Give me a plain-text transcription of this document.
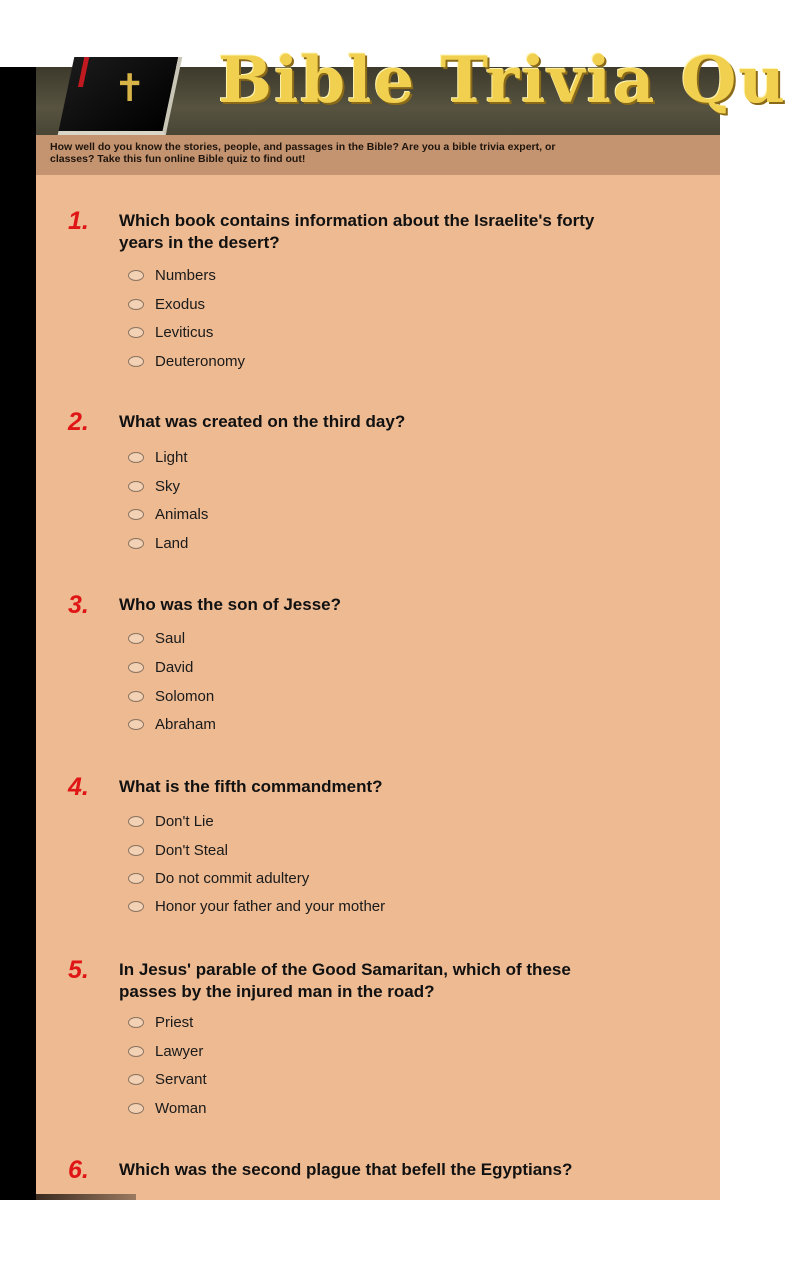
✝ Bible Trivia Qu
How well do you know the stories, people, and passages in the Bible? Are you a bible trivia expert, or
classes? Take this fun online Bible quiz to find out!
1. Which book contains information about the Israelite's forty
years in the desert?
Numbers
Exodus
Leviticus
Deuteronomy
2. What was created on the third day?
Light
Sky
Animals
Land
3. Who was the son of Jesse?
Saul
David
Solomon
Abraham
4. What is the fifth commandment?
Don't Lie
Don't Steal
Do not commit adultery
Honor your father and your mother
5. In Jesus' parable of the Good Samaritan, which of these
passes by the injured man in the road?
Priest
Lawyer
Servant
Woman
6. Which was the second plague that befell the Egyptians?
